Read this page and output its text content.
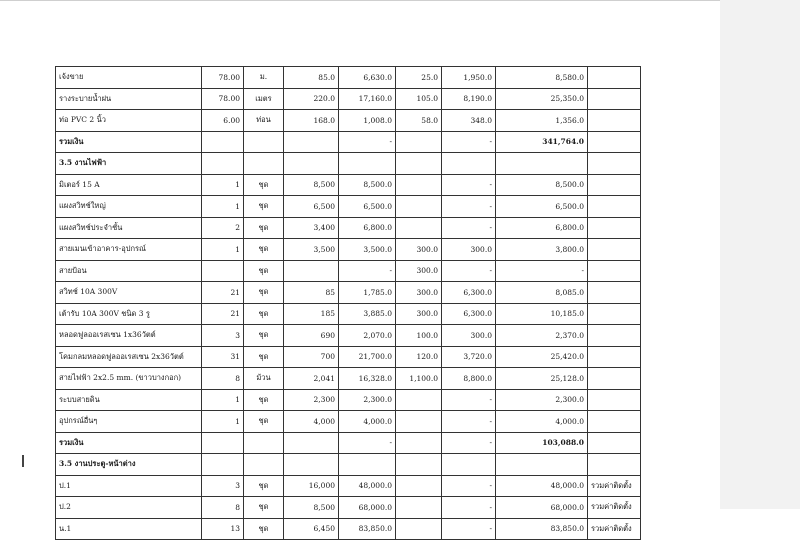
เจ้งขาย	78.00	ม.	85.0	6,630.0	25.0	1,950.0	8,580.0	
รางระบายน้ำฝน	78.00	เมตร	220.0	17,160.0	105.0	8,190.0	25,350.0	
ท่อ PVC 2 นิ้ว	6.00	ท่อน	168.0	1,008.0	58.0	348.0	1,356.0	
รวมเงิน				-		-	341,764.0	
3.5 งานไฟฟ้า								
มิเตอร์ 15 A	1	ชุด	8,500	8,500.0		-	8,500.0	
แผงสวิทช์ใหญ่	1	ชุด	6,500	6,500.0		-	6,500.0	
แผงสวิทช์ประจำชั้น	2	ชุด	3,400	6,800.0		-	6,800.0	
สายเมนเข้าอาคาร-อุปกรณ์	1	ชุด	3,500	3,500.0	300.0	300.0	3,800.0	
สายป้อน		ชุด		-	300.0	-	-	
สวิทช์ 10A 300V	21	ชุด	85	1,785.0	300.0	6,300.0	8,085.0	
เต้ารับ 10A 300V ชนิด 3 รู	21	ชุด	185	3,885.0	300.0	6,300.0	10,185.0	
หลอดฟูลออเรสเซน 1x36วัตต์	3	ชุด	690	2,070.0	100.0	300.0	2,370.0	
โคมกลมหลอดฟูลออเรสเซน 2x36วัตต์	31	ชุด	700	21,700.0	120.0	3,720.0	25,420.0	
สายไฟฟ้า 2x2.5 mm. (ขาวบางกอก)	8	ม้วน	2,041	16,328.0	1,100.0	8,800.0	25,128.0	
ระบบสายดิน	1	ชุด	2,300	2,300.0		-	2,300.0	
อุปกรณ์อื่นๆ	1	ชุด	4,000	4,000.0		-	4,000.0	
รวมเงิน				-		-	103,088.0	
3.5 งานประตู-หน้าต่าง								
ป.1	3	ชุด	16,000	48,000.0		-	48,000.0	รวมค่าติดตั้ง
ป.2	8	ชุด	8,500	68,000.0		-	68,000.0	รวมค่าติดตั้ง
น.1	13	ชุด	6,450	83,850.0		-	83,850.0	รวมค่าติดตั้ง
